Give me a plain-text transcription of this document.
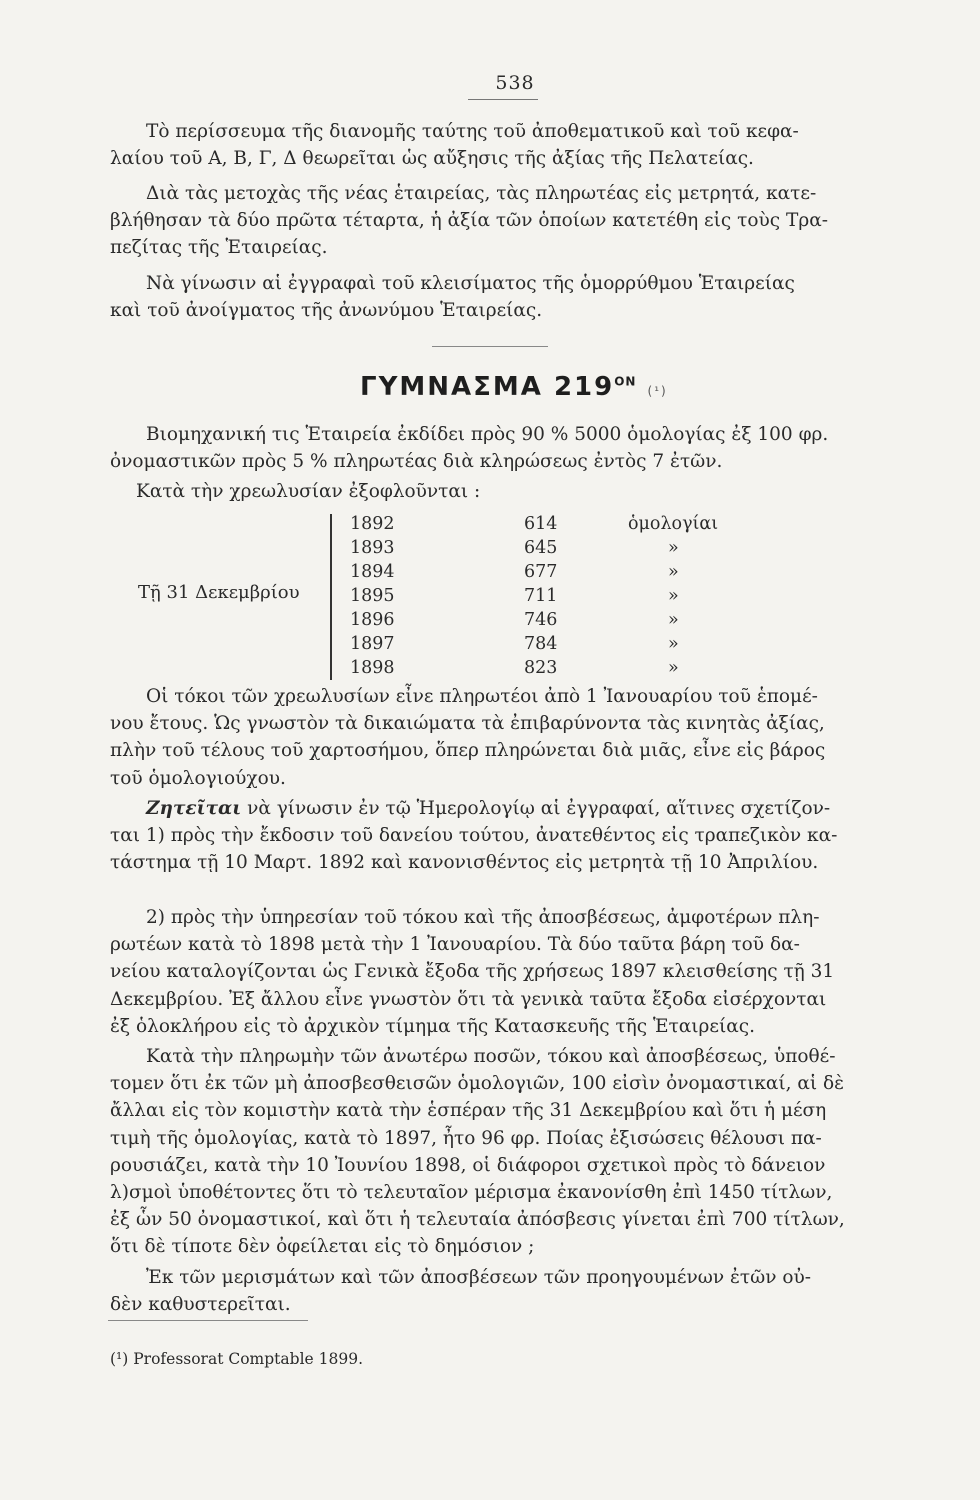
538
Τὸ περίσσευμα τῆς διανομῆς ταύτης τοῦ ἀποθεματικοῦ καὶ τοῦ κεφα-
λαίου τοῦ Α, Β, Γ, Δ θεωρεῖται ὡς αὔξησις τῆς ἀξίας τῆς Πελατείας.
Διὰ τὰς μετοχὰς τῆς νέας ἑταιρείας, τὰς πληρωτέας εἰς μετρητά, κατε-
βλήθησαν τὰ δύο πρῶτα τέταρτα, ἡ ἀξία τῶν ὁποίων κατετέθη εἰς τοὺς Τρα-
πεζίτας τῆς Ἑταιρείας.
Νὰ γίνωσιν αἱ ἐγγραφαὶ τοῦ κλεισίματος τῆς ὁμορρύθμου Ἑταιρείας
καὶ τοῦ ἀνοίγματος τῆς ἀνωνύμου Ἑταιρείας.
ΓΥΜΝΑΣΜΑ $219^{ON}$ (¹)
Βιομηχανική τις Ἑταιρεία ἐκδίδει πρὸς 90 % 5000 ὁμολογίας ἐξ 100 φρ.
ὀνομαστικῶν πρὸς 5 % πληρωτέας διὰ κληρώσεως ἐντὸς 7 ἐτῶν.
Κατὰ τὴν χρεωλυσίαν ἐξοφλοῦνται :
Τῇ 31 Δεκεμβρίου
1892	614	ὁμολογίαι
1893	645	»
1894	677	»
1895	711	»
1896	746	»
1897	784	»
1898	823	»
Οἱ τόκοι τῶν χρεωλυσίων εἶνε πληρωτέοι ἀπὸ 1 Ἰανουαρίου τοῦ ἑπομέ-
νου ἔτους. Ὡς γνωστὸν τὰ δικαιώματα τὰ ἐπιβαρύνοντα τὰς κινητὰς ἀξίας,
πλὴν τοῦ τέλους τοῦ χαρτοσήμου, ὅπερ πληρώνεται διὰ μιᾶς, εἶνε εἰς βάρος
τοῦ ὁμολογιούχου.
Ζητεῖται νὰ γίνωσιν ἐν τῷ Ἡμερολογίῳ αἱ ἐγγραφαί, αἵτινες σχετίζον-
ται 1) πρὸς τὴν ἔκδοσιν τοῦ δανείου τούτου, ἀνατεθέντος εἰς τραπεζικὸν κα-
τάστημα τῇ 10 Μαρτ. 1892 καὶ κανονισθέντος εἰς μετρητὰ τῇ 10 Ἀπριλίου.
2) πρὸς τὴν ὑπηρεσίαν τοῦ τόκου καὶ τῆς ἀποσβέσεως, ἀμφοτέρων πλη-
ρωτέων κατὰ τὸ 1898 μετὰ τὴν 1 Ἰανουαρίου. Τὰ δύο ταῦτα βάρη τοῦ δα-
νείου καταλογίζονται ὡς Γενικὰ ἔξοδα τῆς χρήσεως 1897 κλεισθείσης τῇ 31
Δεκεμβρίου. Ἐξ ἄλλου εἶνε γνωστὸν ὅτι τὰ γενικὰ ταῦτα ἔξοδα εἰσέρχονται
ἐξ ὁλοκλήρου εἰς τὸ ἀρχικὸν τίμημα τῆς Κατασκευῆς τῆς Ἑταιρείας.
Κατὰ τὴν πληρωμὴν τῶν ἀνωτέρω ποσῶν, τόκου καὶ ἀποσβέσεως, ὑποθέ-
τομεν ὅτι ἐκ τῶν μὴ ἀποσβεσθεισῶν ὁμολογιῶν, 100 εἰσὶν ὀνομαστικαί, αἱ δὲ
ἄλλαι εἰς τὸν κομιστὴν κατὰ τὴν ἑσπέραν τῆς 31 Δεκεμβρίου καὶ ὅτι ἡ μέση
τιμὴ τῆς ὁμολογίας, κατὰ τὸ 1897, ἦτο 96 φρ. Ποίας ἐξισώσεις θέλουσι πα-
ρουσιάζει, κατὰ τὴν 10 Ἰουνίου 1898, οἱ διάφοροι σχετικοὶ πρὸς τὸ δάνειον
λ)σμοὶ ὑποθέτοντες ὅτι τὸ τελευταῖον μέρισμα ἐκανονίσθη ἐπὶ 1450 τίτλων,
ἐξ ὧν 50 ὀνομαστικοί, καὶ ὅτι ἡ τελευταία ἀπόσβεσις γίνεται ἐπὶ 700 τίτλων,
ὅτι δὲ τίποτε δὲν ὀφείλεται εἰς τὸ δημόσιον ;
Ἐκ τῶν μερισμάτων καὶ τῶν ἀποσβέσεων τῶν προηγουμένων ἐτῶν οὐ-
δὲν καθυστερεῖται.
(¹) Professorat Comptable 1899.
